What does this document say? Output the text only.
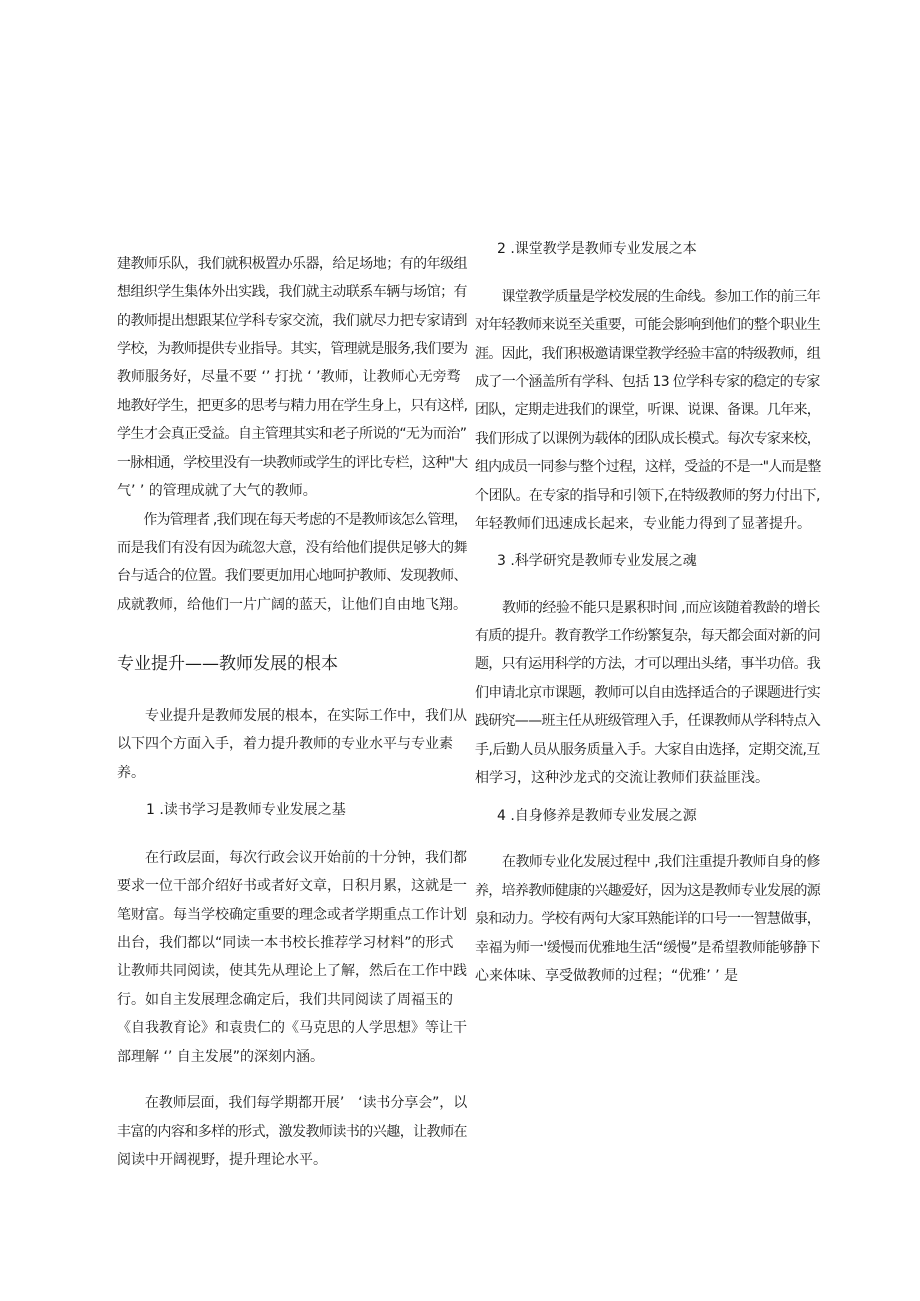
建教师乐队，我们就积极置办乐器，给足场地；有的年级组
想组织学生集体外出实践，我们就主动联系车辆与场馆；有
的教师提出想跟某位学科专家交流，我们就尽力把专家请到
学校，为教师提供专业指导。其实，管理就是服务,我们要为
教师服务好，尽量不要 ‘’ 打扰 ‘ ’教师，让教师心无旁骛
地教好学生，把更多的思考与精力用在学生身上，只有这样,
学生才会真正受益。自主管理其实和老子所说的“无为而治”
一脉相通，学校里没有一块教师或学生的评比专栏，这种"大
气’ ’ 的管理成就了大气的教师。
　　作为管理者 ,我们现在每天考虑的不是教师该怎么管理，
而是我们有没有因为疏忽大意，没有给他们提供足够大的舞
台与适合的位置。我们要更加用心地呵护教师、发现教师、
成就教师，给他们一片广阔的蓝天，让他们自由地飞翔。
专业提升——教师发展的根本
　　专业提升是教师发展的根本，在实际工作中，我们从
以下四个方面入手，着力提升教师的专业水平与专业素
养。
1 .读书学习是教师专业发展之基
　　在行政层面，每次行政会议开始前的十分钟，我们都
要求一位干部介绍好书或者好文章，日积月累，这就是一
笔财富。每当学校确定重要的理念或者学期重点工作计划
出台，我们都以“同读一本书校长推荐学习材料”的形式
让教师共同阅读，使其先从理论上了解，然后在工作中践
行。如自主发展理念确定后，我们共同阅读了周福玉的
《自我教育论》和袁贵仁的《马克思的人学思想》等让干
部理解 ‘’ 自主发展”的深刻内涵。
　　在教师层面，我们每学期都开展’　‘读书分享会”，以
丰富的内容和多样的形式，激发教师读书的兴趣，让教师在
阅读中开阔视野，提升理论水平。
2 .课堂教学是教师专业发展之本
　　课堂教学质量是学校发展的生命线。参加工作的前三年
对年轻教师来说至关重要，可能会影响到他们的整个职业生
涯。因此，我们积极邀请课堂教学经验丰富的特级教师，组
成了一个涵盖所有学科、包括 13 位学科专家的稳定的专家
团队，定期走进我们的课堂，听课、说课、备课。几年来，
我们形成了以课例为载体的团队成长模式。每次专家来校，
组内成员一同参与整个过程，这样，受益的不是一"人而是整
个团队。在专家的指导和引领下,在特级教师的努力付出下,
年轻教师们迅速成长起来，专业能力得到了显著提升。
3 .科学研究是教师专业发展之魂
　　教师的经验不能只是累积时间 ,而应该随着教龄的增长
有质的提升。教育教学工作纷繁复杂，每天都会面对新的问
题，只有运用科学的方法，才可以理出头绪，事半功倍。我
们申请北京市课题，教师可以自由选择适合的子课题进行实
践研究——班主任从班级管理入手，任课教师从学科特点入
手,后勤人员从服务质量入手。大家自由选择，定期交流,互
相学习，这种沙龙式的交流让教师们获益匪浅。
4 .自身修养是教师专业发展之源
　　在教师专业化发展过程中 ,我们注重提升教师自身的修
养，培养教师健康的兴趣爱好，因为这是教师专业发展的源
泉和动力。学校有两句大家耳熟能详的口号一一智慧做事，
幸福为师一'缓慢而优雅地生活“缓慢”是希望教师能够静下
心来体味、享受做教师的过程；“优雅’ ’ 是
